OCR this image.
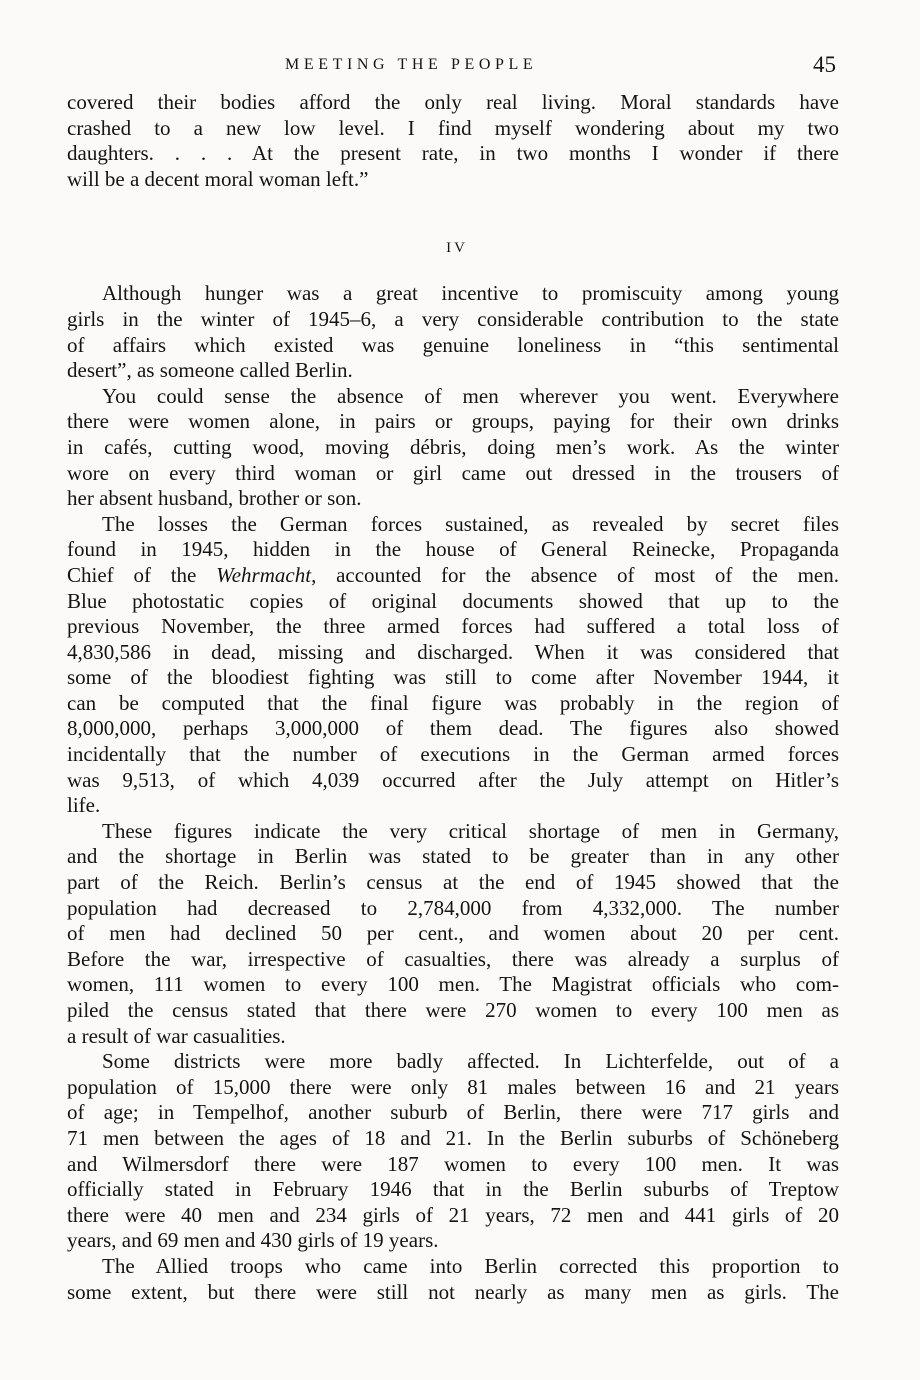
MEETING THE PEOPLE	45
covered their bodies afford the only real living. Moral standards have
crashed to a new low level. I find myself wondering about my two
daughters. . . . At the present rate, in two months I wonder if there
will be a decent moral woman left.”
IV
Although hunger was a great incentive to promiscuity among young
girls in the winter of 1945–6, a very considerable contribution to the state
of affairs which existed was genuine loneliness in “this sentimental
desert”, as someone called Berlin.
You could sense the absence of men wherever you went. Everywhere
there were women alone, in pairs or groups, paying for their own drinks
in cafés, cutting wood, moving débris, doing men’s work. As the winter
wore on every third woman or girl came out dressed in the trousers of
her absent husband, brother or son.
The losses the German forces sustained, as revealed by secret files
found in 1945, hidden in the house of General Reinecke, Propaganda
Chief of the Wehrmacht, accounted for the absence of most of the men.
Blue photostatic copies of original documents showed that up to the
previous November, the three armed forces had suffered a total loss of
4,830,586 in dead, missing and discharged. When it was considered that
some of the bloodiest fighting was still to come after November 1944, it
can be computed that the final figure was probably in the region of
8,000,000, perhaps 3,000,000 of them dead. The figures also showed
incidentally that the number of executions in the German armed forces
was 9,513, of which 4,039 occurred after the July attempt on Hitler’s
life.
These figures indicate the very critical shortage of men in Germany,
and the shortage in Berlin was stated to be greater than in any other
part of the Reich. Berlin’s census at the end of 1945 showed that the
population had decreased to 2,784,000 from 4,332,000. The number
of men had declined 50 per cent., and women about 20 per cent.
Before the war, irrespective of casualties, there was already a surplus of
women, 111 women to every 100 men. The Magistrat officials who com-
piled the census stated that there were 270 women to every 100 men as
a result of war casualities.
Some districts were more badly affected. In Lichterfelde, out of a
population of 15,000 there were only 81 males between 16 and 21 years
of age; in Tempelhof, another suburb of Berlin, there were 717 girls and
71 men between the ages of 18 and 21. In the Berlin suburbs of Schöneberg
and Wilmersdorf there were 187 women to every 100 men. It was
officially stated in February 1946 that in the Berlin suburbs of Treptow
there were 40 men and 234 girls of 21 years, 72 men and 441 girls of 20
years, and 69 men and 430 girls of 19 years.
The Allied troops who came into Berlin corrected this proportion to
some extent, but there were still not nearly as many men as girls. The
